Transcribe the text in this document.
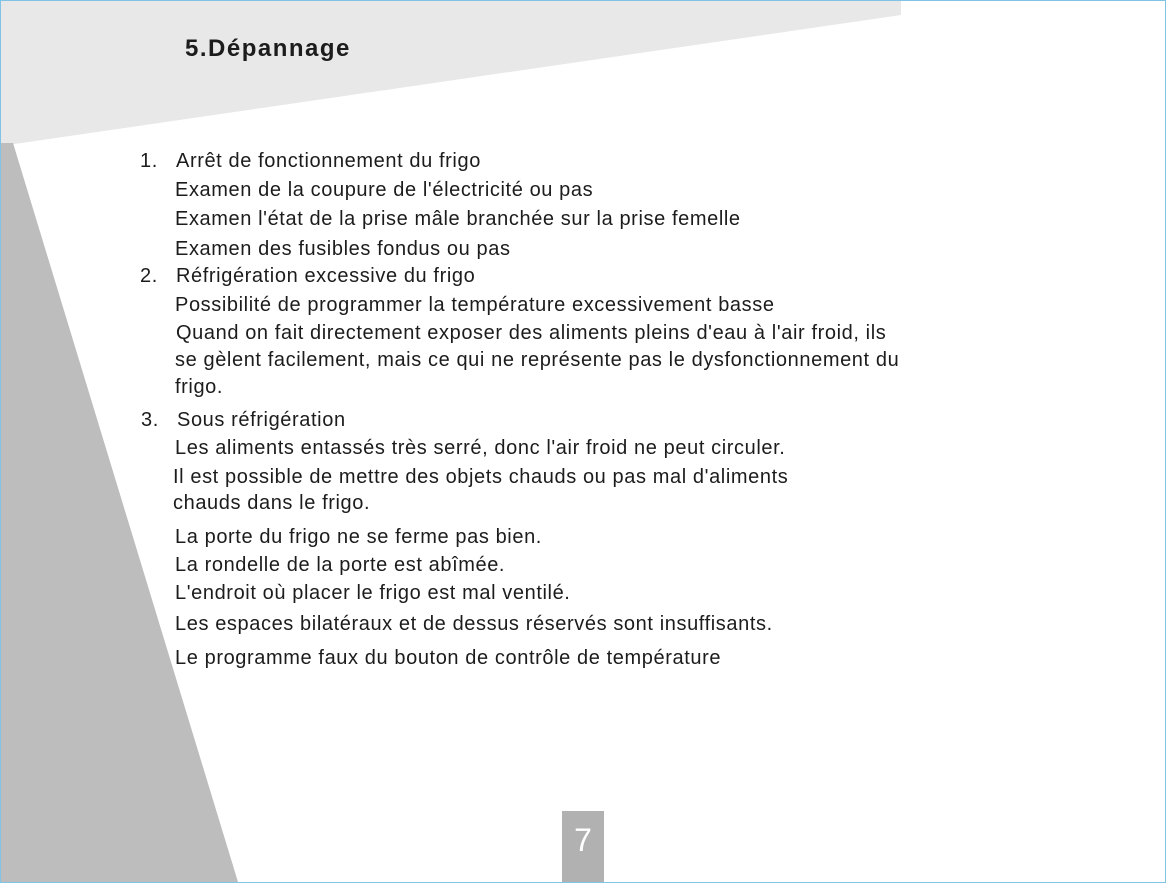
5.Dépannage
1. Arrêt de fonctionnement du frigo
Examen de la coupure de l'électricité ou pas
Examen l'état de la prise mâle branchée sur la prise femelle
Examen des fusibles fondus ou pas
2. Réfrigération excessive du frigo
Possibilité de programmer la température excessivement basse
Quand on fait directement exposer des aliments pleins d'eau à l'air froid, ils
se gèlent facilement, mais ce qui ne représente pas le dysfonctionnement du
frigo.
3. Sous réfrigération
Les aliments entassés très serré, donc l'air froid ne peut circuler.
Il est possible de mettre des objets chauds ou pas mal d'aliments
chauds dans le frigo.
La porte du frigo ne se ferme pas bien.
La rondelle de la porte est abîmée.
L'endroit où placer le frigo est mal ventilé.
Les espaces bilatéraux et de dessus réservés sont insuffisants.
Le programme faux du bouton de contrôle de température
7
